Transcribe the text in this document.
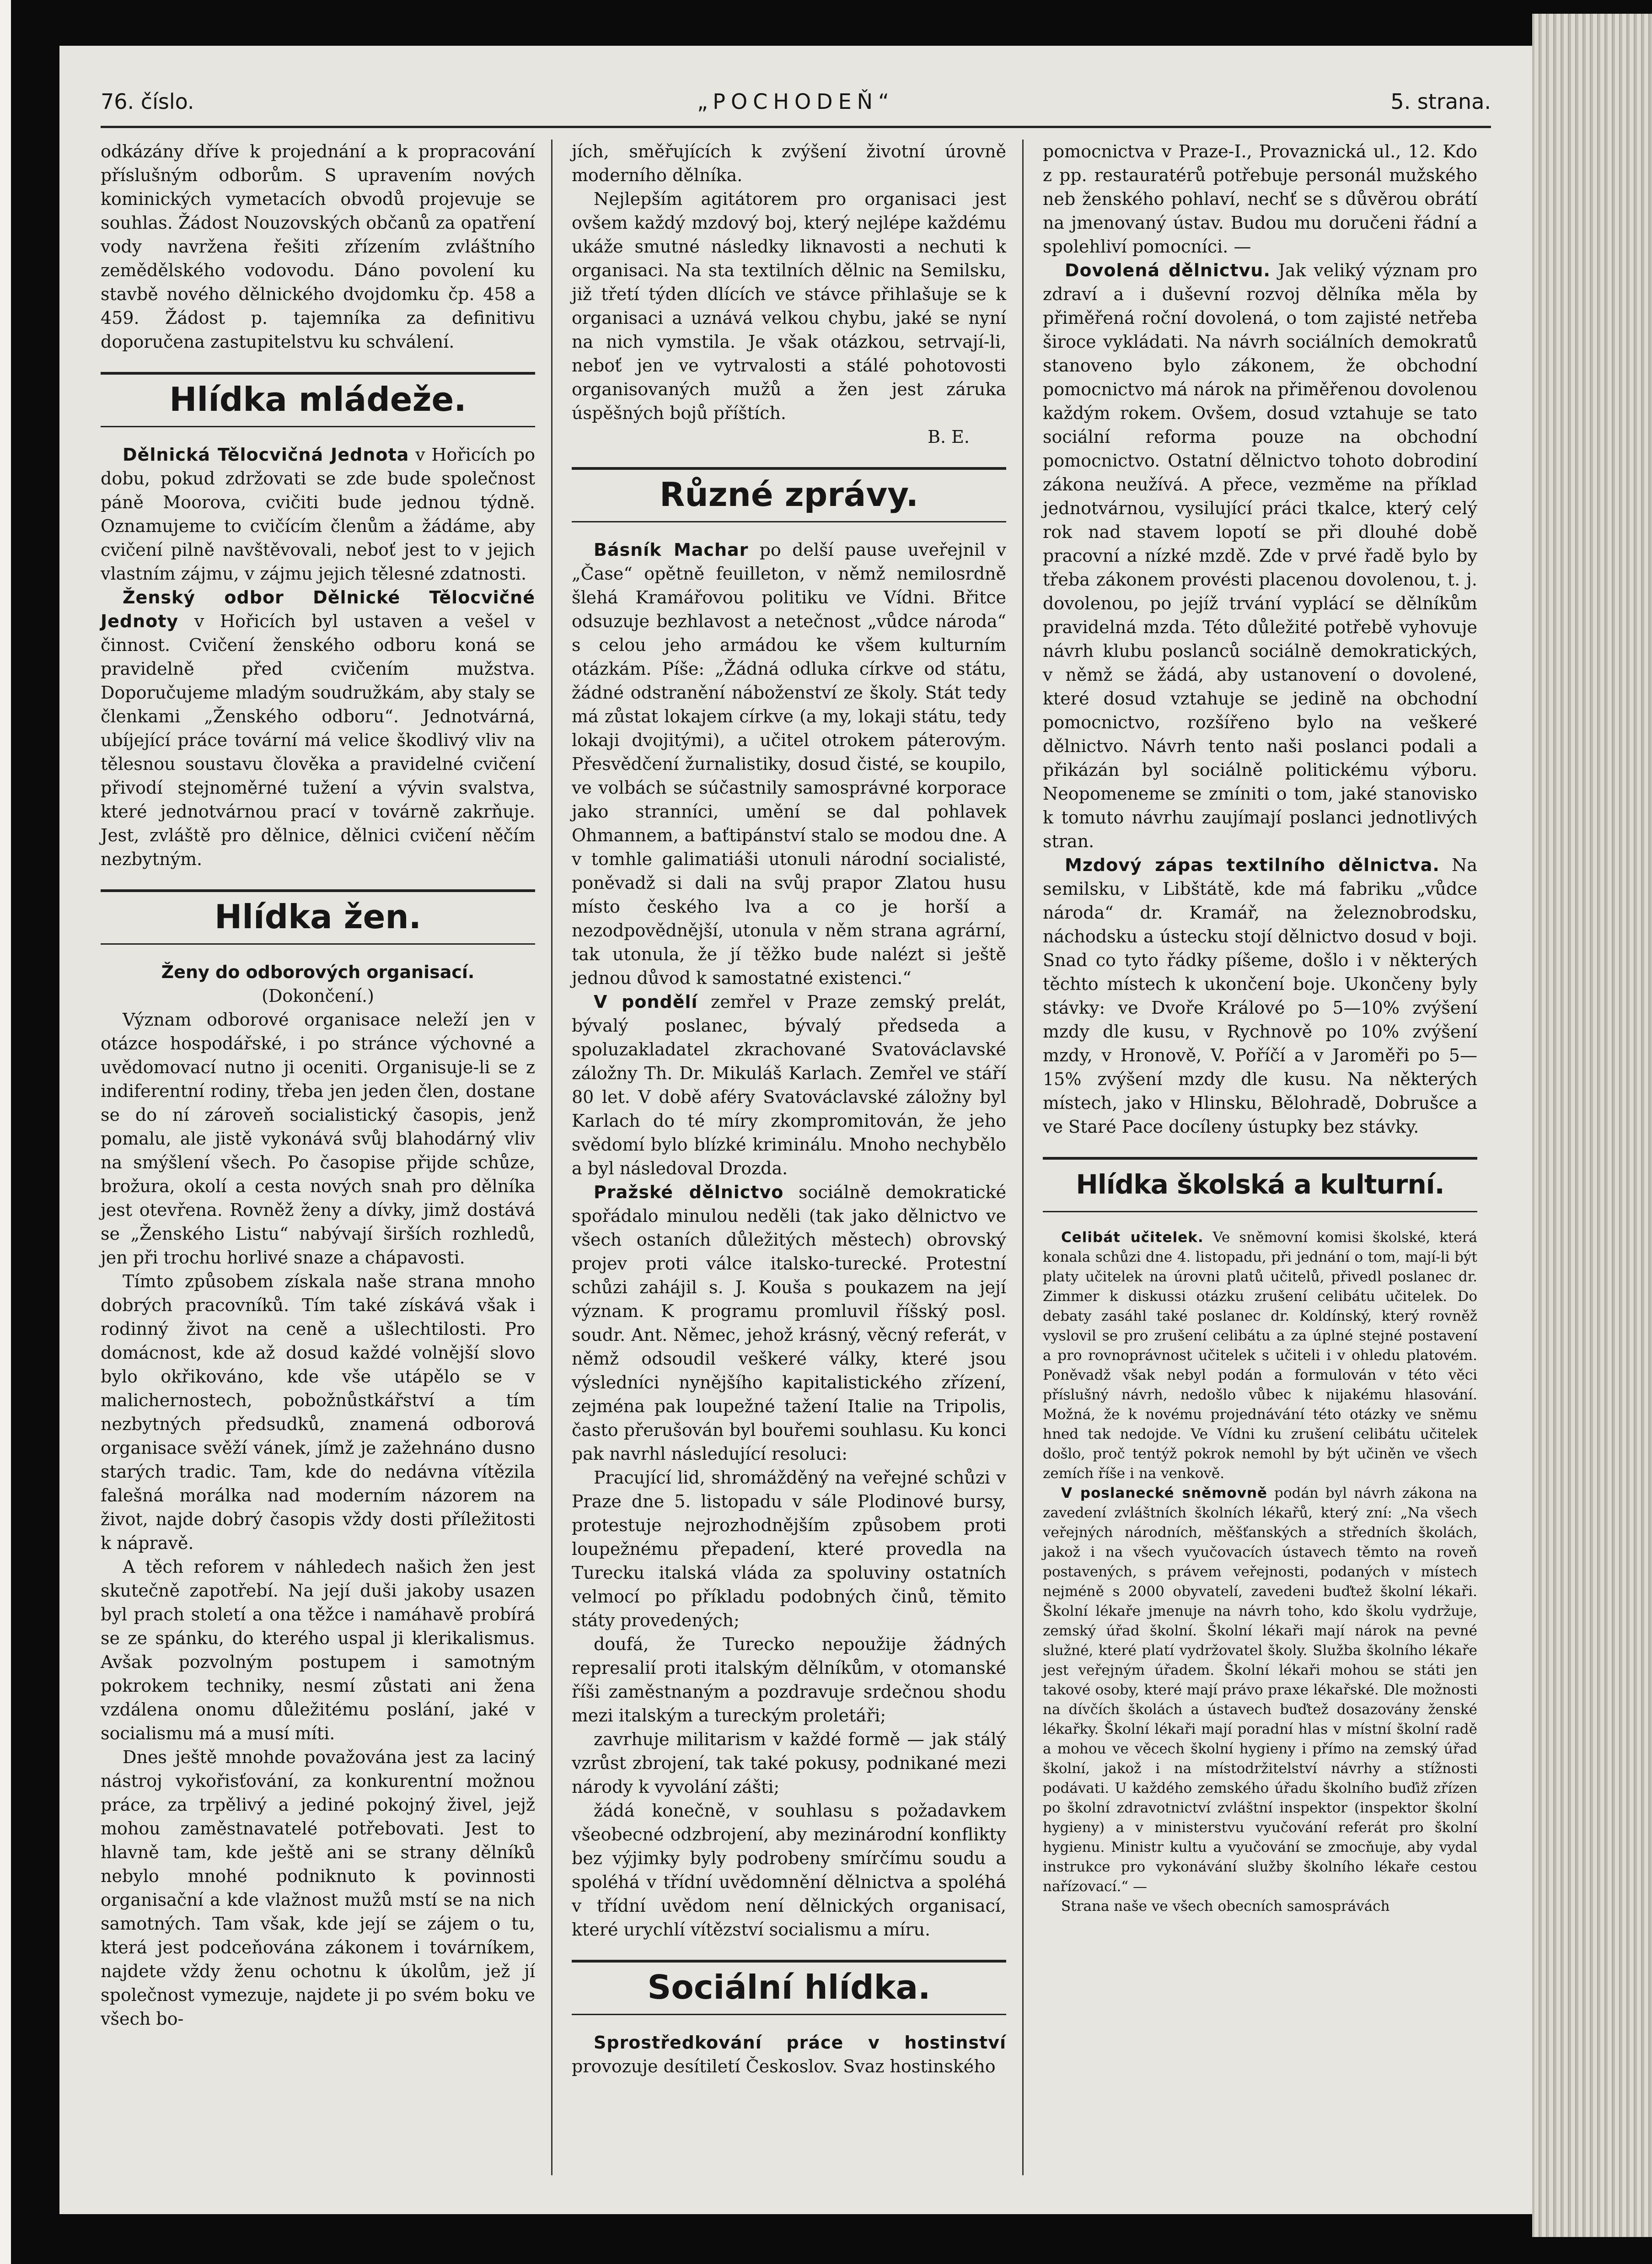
76. číslo.	„POCHODEŇ“	5. strana.

odkázány dříve k projednání a k propracování příslušným odborům. S upravením nových kominických vymetacích obvodů projevuje se souhlas. Žádost Nouzovských občanů za opatření vody navržena řešiti zřízením zvláštního zemědělského vodovodu. Dáno povolení ku stavbě nového dělnického dvojdomku čp. 458 a 459. Žádost p. tajemníka za definitivu doporučena zastupitelstvu ku schválení.

Hlídka mládeže.

Dělnická Tělocvičná Jednota v Hořicích po dobu, pokud zdržovati se zde bude společnost páně Moorova, cvičiti bude jednou týdně. Oznamujeme to cvičícím členům a žádáme, aby cvičení pilně navštěvovali, neboť jest to v jejich vlastním zájmu, v zájmu jejich tělesné zdatnosti.

Ženský odbor Dělnické Tělocvičné Jednoty v Hořicích byl ustaven a vešel v činnost. Cvičení ženského odboru koná se pravidelně před cvičením mužstva. Doporučujeme mladým soudružkám, aby staly se členkami „Ženského odboru“. Jednotvárná, ubíjející práce tovární má velice škodlivý vliv na tělesnou soustavu člověka a pravidelné cvičení přivodí stejnoměrné tužení a vývin svalstva, které jednotvárnou prací v továrně zakrňuje. Jest, zvláště pro dělnice, dělnici cvičení něčím nezbytným.

Hlídka žen.
Ženy do odborových organisací.
(Dokončení.)

Význam odborové organisace neleží jen v otázce hospodářské, i po stránce výchovné a uvědomovací nutno ji oceniti. Organisuje-li se z indiferentní rodiny, třeba jen jeden člen, dostane se do ní zároveň socialistický časopis, jenž pomalu, ale jistě vykonává svůj blahodárný vliv na smýšlení všech. Po časopise přijde schůze, brožura, okolí a cesta nových snah pro dělníka jest otevřena. Rovněž ženy a dívky, jimž dostává se „Ženského Listu“ nabývají širších rozhledů, jen při trochu horlivé snaze a chápavosti.

Tímto způsobem získala naše strana mnoho dobrých pracovníků. Tím také získává však i rodinný život na ceně a ušlechtilosti. Pro domácnost, kde až dosud každé volnější slovo bylo okřikováno, kde vše utápělo se v malichernostech, pobožnůstkářství a tím nezbytných předsudků, znamená odborová organisace svěží vánek, jímž je zažehnáno dusno starých tradic. Tam, kde do nedávna vítězila falešná morálka nad moderním názorem na život, najde dobrý časopis vždy dosti příležitosti k nápravě.

A těch reforem v náhledech našich žen jest skutečně zapotřebí. Na její duši jakoby usazen byl prach století a ona těžce i namáhavě probírá se ze spánku, do kterého uspal ji klerikalismus. Avšak pozvolným postupem i samotným pokrokem techniky, nesmí zůstati ani žena vzdálena onomu důležitému poslání, jaké v socialismu má a musí míti.

Dnes ještě mnohde považována jest za laciný nástroj vykořisťování, za konkurentní možnou práce, za trpělivý a jediné pokojný živel, jejž mohou zaměstnavatelé potřebovati. Jest to hlavně tam, kde ještě ani se strany dělníků nebylo mnohé podniknuto k povinnosti organisační a kde vlažnost mužů mstí se na nich samotných. Tam však, kde její se zájem o tu, která jest podceňována zákonem i továrníkem, najdete vždy ženu ochotnu k úkolům, jež jí společnost vymezuje, najdete ji po svém boku ve všech bo-

jích, směřujících k zvýšení životní úrovně moderního dělníka.

Nejlepším agitátorem pro organisaci jest ovšem každý mzdový boj, který nejlépe každému ukáže smutné následky liknavosti a nechuti k organisaci. Na sta textilních dělnic na Semilsku, již třetí týden dlících ve stávce přihlašuje se k organisaci a uznává velkou chybu, jaké se nyní na nich vymstila. Je však otázkou, setrvají-li, neboť jen ve vytrvalosti a stálé pohotovosti organisovaných mužů a žen jest záruka úspěšných bojů příštích.

B. E.
Různé zprávy.

Básník Machar po delší pause uveřejnil v „Čase“ opětně feuilleton, v němž nemilosrdně šlehá Kramářovou politiku ve Vídni. Břitce odsuzuje bezhlavost a netečnost „vůdce národa“ s celou jeho armádou ke všem kulturním otázkám. Píše: „Žádná odluka církve od státu, žádné odstranění náboženství ze školy. Stát tedy má zůstat lokajem církve (a my, lokaji státu, tedy lokaji dvojitými), a učitel otrokem páterovým. Přesvědčení žurnalistiky, dosud čisté, se koupilo, ve volbách se súčastnily samosprávné korporace jako stranníci, umění se dal pohlavek Ohmannem, a baťtipánství stalo se modou dne. A v tomhle galimatiáši utonuli národní socialisté, poněvadž si dali na svůj prapor Zlatou husu místo českého lva a co je horší a nezodpovědnější, utonula v něm strana agrární, tak utonula, že jí těžko bude nalézt si ještě jednou důvod k samostatné existenci.“

V pondělí zemřel v Praze zemský prelát, bývalý poslanec, bývalý předseda a spoluzakladatel zkrachované Svatováclavské záložny Th. Dr. Mikuláš Karlach. Zemřel ve stáří 80 let. V době aféry Svatováclavské záložny byl Karlach do té míry zkompromitován, že jeho svědomí bylo blízké kriminálu. Mnoho nechybělo a byl následoval Drozda.

Pražské dělnictvo sociálně demokratické spořádalo minulou neděli (tak jako dělnictvo ve všech ostaních důležitých městech) obrovský projev proti válce italsko-turecké. Protestní schůzi zahájil s. J. Kouša s poukazem na její význam. K programu promluvil říšský posl. soudr. Ant. Němec, jehož krásný, věcný referát, v němž odsoudil veškeré války, které jsou výsledníci nynějšího kapitalistického zřízení, zejména pak loupežné tažení Italie na Tripolis, často přerušován byl bouřemi souhlasu. Ku konci pak navrhl následující resoluci:

Pracující lid, shromážděný na veřejné schůzi v Praze dne 5. listopadu v sále Plodinové bursy, protestuje nejrozhodnějším způsobem proti loupežnému přepadení, které provedla na Turecku italská vláda za spoluviny ostatních velmocí po příkladu podobných činů, těmito státy provedených;

doufá, že Turecko nepoužije žádných represalií proti italským dělníkům, v otomanské říši zaměstnaným a pozdravuje srdečnou shodu mezi italským a tureckým proletáři;

zavrhuje militarism v každé formě — jak stálý vzrůst zbrojení, tak také pokusy, podnikané mezi národy k vyvolání zášti;

žádá konečně, v souhlasu s požadavkem všeobecné odzbrojení, aby mezinárodní konflikty bez výjimky byly podrobeny smírčímu soudu a spoléhá v třídní uvědomnění dělnictva a spoléhá v třídní uvědom není dělnických organisací, které urychlí vítězství socialismu a míru.

Sociální hlídka.

Sprostředkování práce v hostinství provozuje desítiletí Českoslov. Svaz hostinského

pomocnictva v Praze-I., Provaznická ul., 12. Kdo z pp. restauratérů potřebuje personál mužského neb ženského pohlaví, nechť se s důvěrou obrátí na jmenovaný ústav. Budou mu doručeni řádní a spolehliví pomocníci. —

Dovolená dělnictvu. Jak veliký význam pro zdraví a i duševní rozvoj dělníka měla by přiměřená roční dovolená, o tom zajisté netřeba široce vykládati. Na návrh sociálních demokratů stanoveno bylo zákonem, že obchodní pomocnictvo má nárok na přiměřenou dovolenou každým rokem. Ovšem, dosud vztahuje se tato sociální reforma pouze na obchodní pomocnictvo. Ostatní dělnictvo tohoto dobrodiní zákona neužívá. A přece, vezměme na příklad jednotvárnou, vysilující práci tkalce, který celý rok nad stavem lopotí se při dlouhé době pracovní a nízké mzdě. Zde v prvé řadě bylo by třeba zákonem provésti placenou dovolenou, t. j. dovolenou, po jejíž trvání vyplácí se dělníkům pravidelná mzda. Této důležité potřebě vyhovuje návrh klubu poslanců sociálně demokratických, v němž se žádá, aby ustanovení o dovolené, které dosud vztahuje se jedině na obchodní pomocnictvo, rozšířeno bylo na veškeré dělnictvo. Návrh tento naši poslanci podali a přikázán byl sociálně politickému výboru. Neopomeneme se zmíniti o tom, jaké stanovisko k tomuto návrhu zaujímají poslanci jednotlivých stran.

Mzdový zápas textilního dělnictva. Na semilsku, v Libštátě, kde má fabriku „vůdce národa“ dr. Kramář, na železnobrodsku, náchodsku a ústecku stojí dělnictvo dosud v boji. Snad co tyto řádky píšeme, došlo i v některých těchto místech k ukončení boje. Ukončeny byly stávky: ve Dvoře Králové po 5—10% zvýšení mzdy dle kusu, v Rychnově po 10% zvýšení mzdy, v Hronově, V. Poříčí a v Jaroměři po 5—15% zvýšení mzdy dle kusu. Na některých místech, jako v Hlinsku, Bělohradě, Dobrušce a ve Staré Pace docíleny ústupky bez stávky.

Hlídka školská a kulturní.

Celibát učitelek. Ve sněmovní komisi školské, která konala schůzi dne 4. listopadu, při jednání o tom, mají-li být platy učitelek na úrovni platů učitelů, přivedl poslanec dr. Zimmer k diskussi otázku zrušení celibátu učitelek. Do debaty zasáhl také poslanec dr. Koldínský, který rovněž vyslovil se pro zrušení celibátu a za úplné stejné postavení a pro rovnoprávnost učitelek s učiteli i v ohledu platovém. Poněvadž však nebyl podán a formulován v této věci příslušný návrh, nedošlo vůbec k nijakému hlasování. Možná, že k novému projednávání této otázky ve sněmu hned tak nedojde. Ve Vídni ku zrušení celibátu učitelek došlo, proč tentýž pokrok nemohl by být učiněn ve všech zemích říše i na venkově.

V poslanecké sněmovně podán byl návrh zákona na zavedení zvláštních školních lékařů, který zní: „Na všech veřejných národních, měšťanských a středních školách, jakož i na všech vyučovacích ústavech těmto na roveň postavených, s právem veřejnosti, podaných v místech nejméně s 2000 obyvatelí, zavedeni buďtež školní lékaři. Školní lékaře jmenuje na návrh toho, kdo školu vydržuje, zemský úřad školní. Školní lékaři mají nárok na pevné služné, které platí vydržovatel školy. Služba školního lékaře jest veřejným úřadem. Školní lékaři mohou se státi jen takové osoby, které mají právo praxe lékařské. Dle možnosti na dívčích školách a ústavech buďtež dosazovány ženské lékařky. Školní lékaři mají poradní hlas v místní školní radě a mohou ve věcech školní hygieny i přímo na zemský úřad školní, jakož i na místodržitelství návrhy a stížnosti podávati. U každého zemského úřadu školního buďiž zřízen po školní zdravotnictví zvláštní inspektor (inspektor školní hygieny) a v ministerstvu vyučování referát pro školní hygienu. Ministr kultu a vyučování se zmocňuje, aby vydal instrukce pro vykonávání služby školního lékaře cestou nařízovací.“ —

Strana naše ve všech obecních samosprávách
